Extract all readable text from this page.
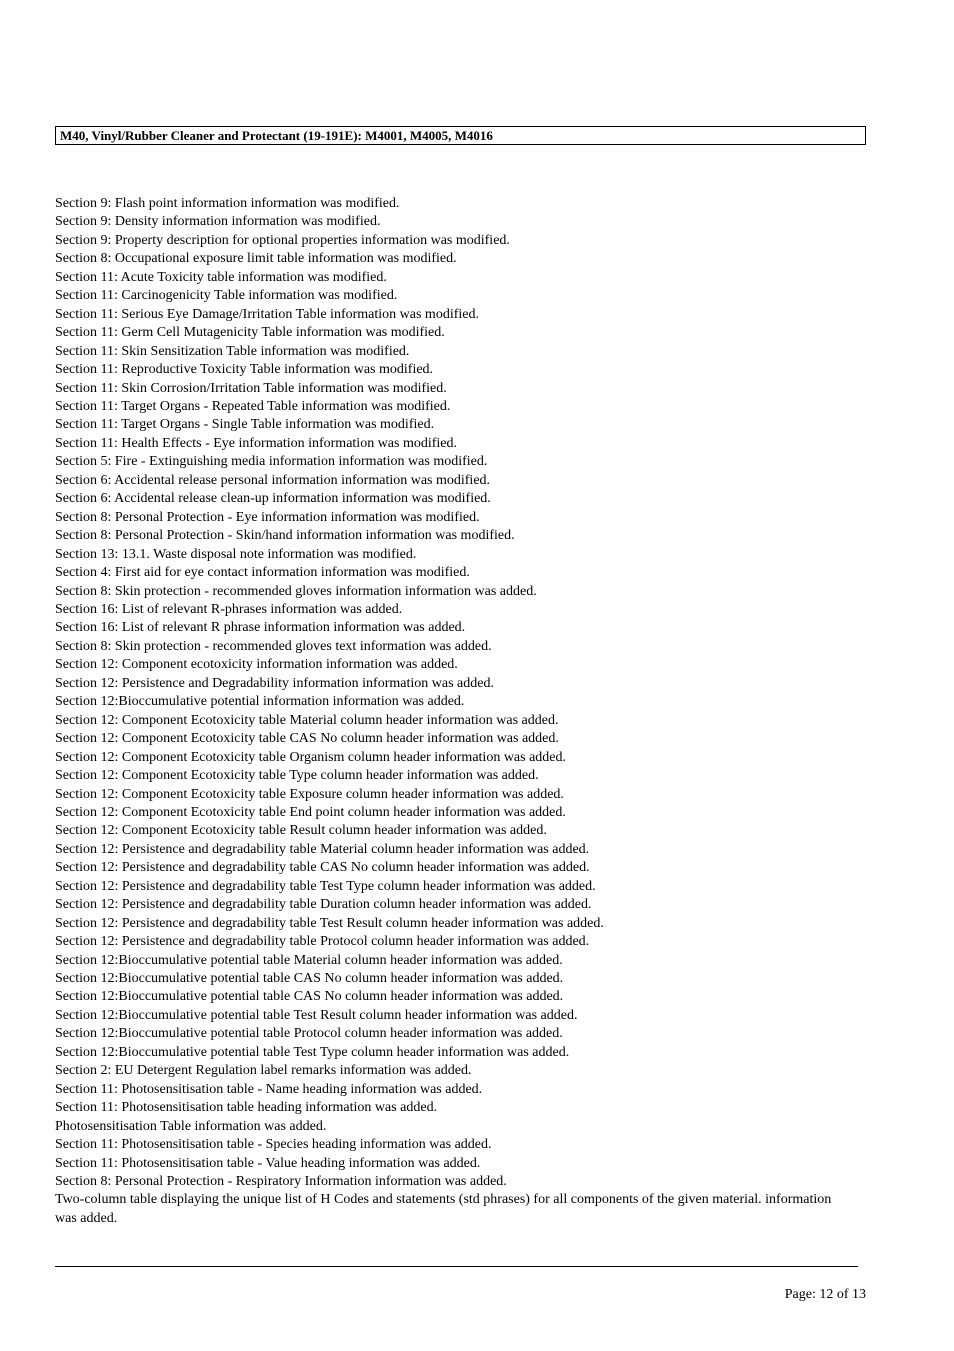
M40, Vinyl/Rubber Cleaner and Protectant (19-191E): M4001, M4005, M4016
Section 9: Flash point information information was modified.
Section 9: Density information information was modified.
Section 9: Property description for optional properties information was modified.
Section 8: Occupational exposure limit table information was modified.
Section 11: Acute Toxicity table information was modified.
Section 11: Carcinogenicity Table information was modified.
Section 11: Serious Eye Damage/Irritation Table information was modified.
Section 11: Germ Cell Mutagenicity Table information was modified.
Section 11: Skin Sensitization Table information was modified.
Section 11: Reproductive Toxicity Table information was modified.
Section 11: Skin Corrosion/Irritation Table information was modified.
Section 11: Target Organs - Repeated Table information was modified.
Section 11: Target Organs - Single Table information was modified.
Section 11: Health Effects - Eye information information was modified.
Section 5: Fire - Extinguishing media information information was modified.
Section 6: Accidental release personal information information was modified.
Section 6: Accidental release clean-up information information was modified.
Section 8: Personal Protection - Eye information information was modified.
Section 8: Personal Protection - Skin/hand information information was modified.
Section 13: 13.1. Waste disposal note information was modified.
Section 4: First aid for eye contact information information was modified.
Section 8: Skin protection - recommended gloves information information was added.
Section 16: List of relevant R-phrases information was added.
Section 16: List of relevant R phrase information information was added.
Section 8: Skin protection - recommended gloves text information was added.
Section 12: Component ecotoxicity information information was added.
Section 12: Persistence and Degradability information information was added.
Section 12:Bioccumulative potential information information was added.
Section 12: Component Ecotoxicity table Material column header information was added.
Section 12: Component Ecotoxicity table CAS No column header information was added.
Section 12: Component Ecotoxicity table Organism column header information was added.
Section 12: Component Ecotoxicity table Type column header information was added.
Section 12: Component Ecotoxicity table Exposure column header information was added.
Section 12: Component Ecotoxicity table End point column header information was added.
Section 12: Component Ecotoxicity table Result column header information was added.
Section 12: Persistence and degradability table Material column header information was added.
Section 12: Persistence and degradability table CAS No column header information was added.
Section 12: Persistence and degradability table Test Type column header information was added.
Section 12: Persistence and degradability table Duration column header information was added.
Section 12: Persistence and degradability table Test Result column header information was added.
Section 12: Persistence and degradability table Protocol column header information was added.
Section 12:Bioccumulative potential table Material column header information was added.
Section 12:Bioccumulative potential table CAS No column header information was added.
Section 12:Bioccumulative potential table CAS No column header information was added.
Section 12:Bioccumulative potential table Test Result column header information was added.
Section 12:Bioccumulative potential table Protocol column header information was added.
Section 12:Bioccumulative potential table Test Type column header information was added.
Section 2: EU Detergent Regulation label remarks information was added.
Section 11: Photosensitisation table - Name heading information was added.
Section 11: Photosensitisation table heading information was added.
Photosensitisation Table information was added.
Section 11: Photosensitisation table - Species heading information was added.
Section 11: Photosensitisation table - Value heading information was added.
Section 8: Personal Protection - Respiratory Information information was added.
Two-column table displaying the unique list of H Codes and statements (std phrases) for all components of the given material. information was added.
Page: 12 of 13
